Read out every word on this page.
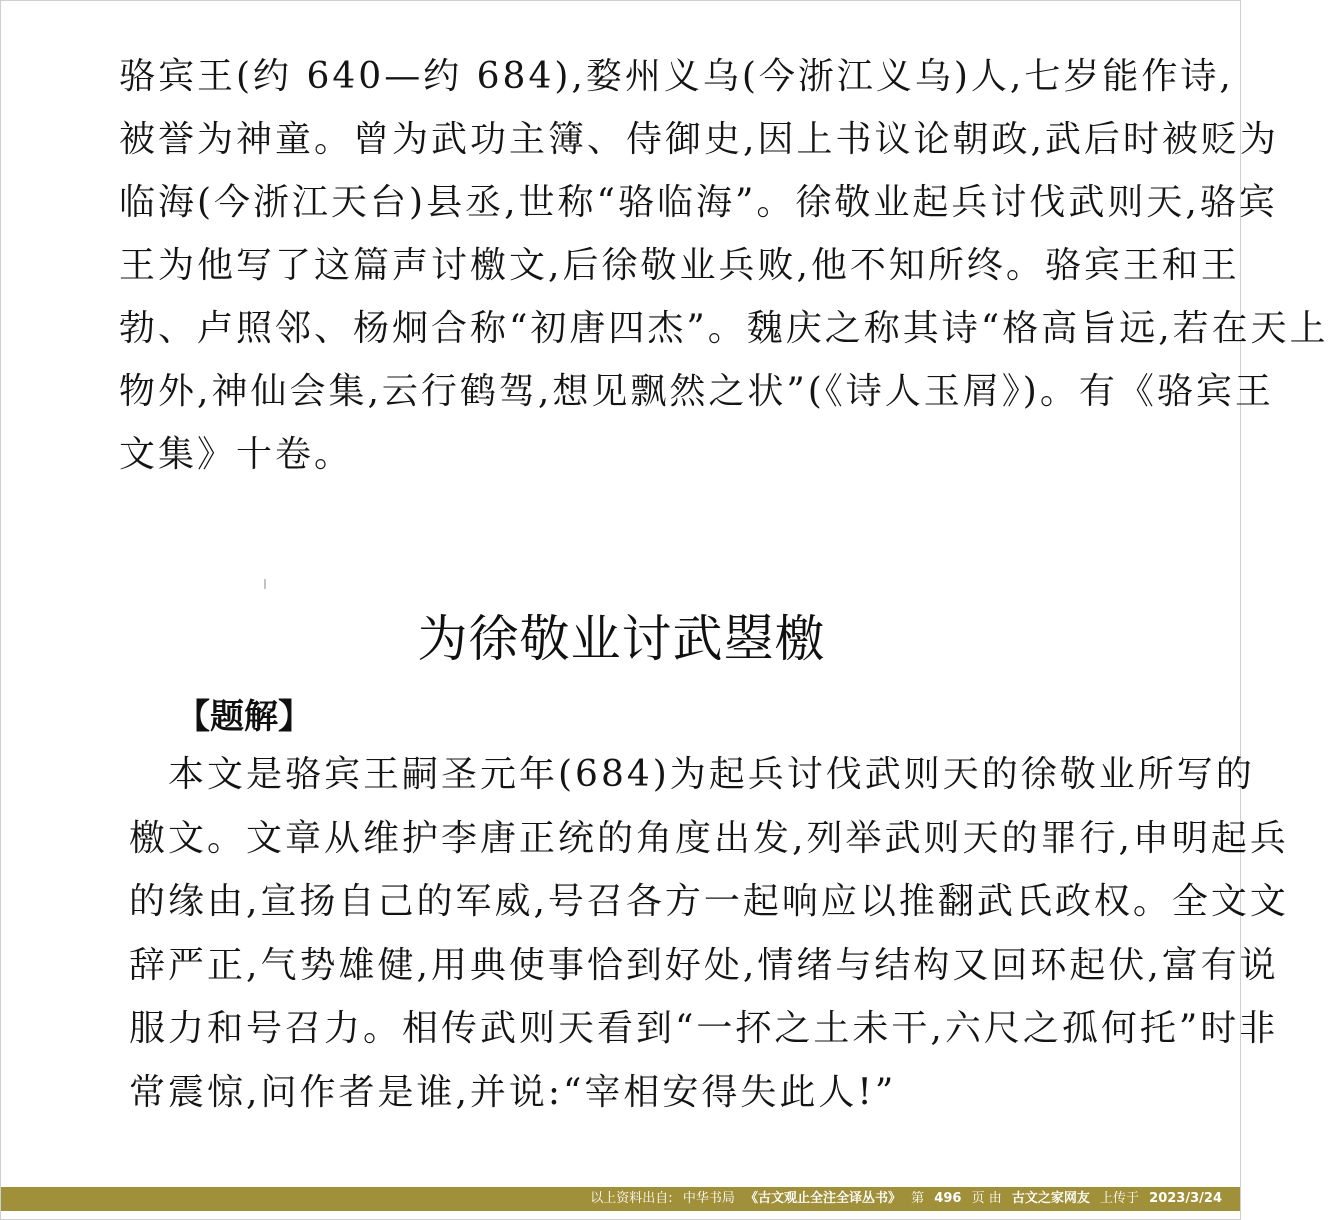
骆宾王(约 640—约 684),婺州义乌(今浙江义乌)人,七岁能作诗,
被誉为神童。曾为武功主簿、侍御史,因上书议论朝政,武后时被贬为
临海(今浙江天台)县丞,世称“骆临海”。徐敬业起兵讨伐武则天,骆宾
王为他写了这篇声讨檄文,后徐敬业兵败,他不知所终。骆宾王和王
勃、卢照邻、杨炯合称“初唐四杰”。魏庆之称其诗“格高旨远,若在天上
物外,神仙会集,云行鹤驾,想见飘然之状”(《诗人玉屑》)。有《骆宾王
文集》十卷。
为徐敬业讨武曌檄
【题解】
　本文是骆宾王嗣圣元年(684)为起兵讨伐武则天的徐敬业所写的
檄文。文章从维护李唐正统的角度出发,列举武则天的罪行,申明起兵
的缘由,宣扬自己的军威,号召各方一起响应以推翻武氏政权。全文文
辞严正,气势雄健,用典使事恰到好处,情绪与结构又回环起伏,富有说
服力和号召力。相传武则天看到“一抔之土未干,六尺之孤何托”时非
常震惊,问作者是谁,并说:“宰相安得失此人!”
以上资料出自: 中华书局 《古文观止全注全译丛书》 第 496 页 由 古文之家网友 上传于 2023/3/24
